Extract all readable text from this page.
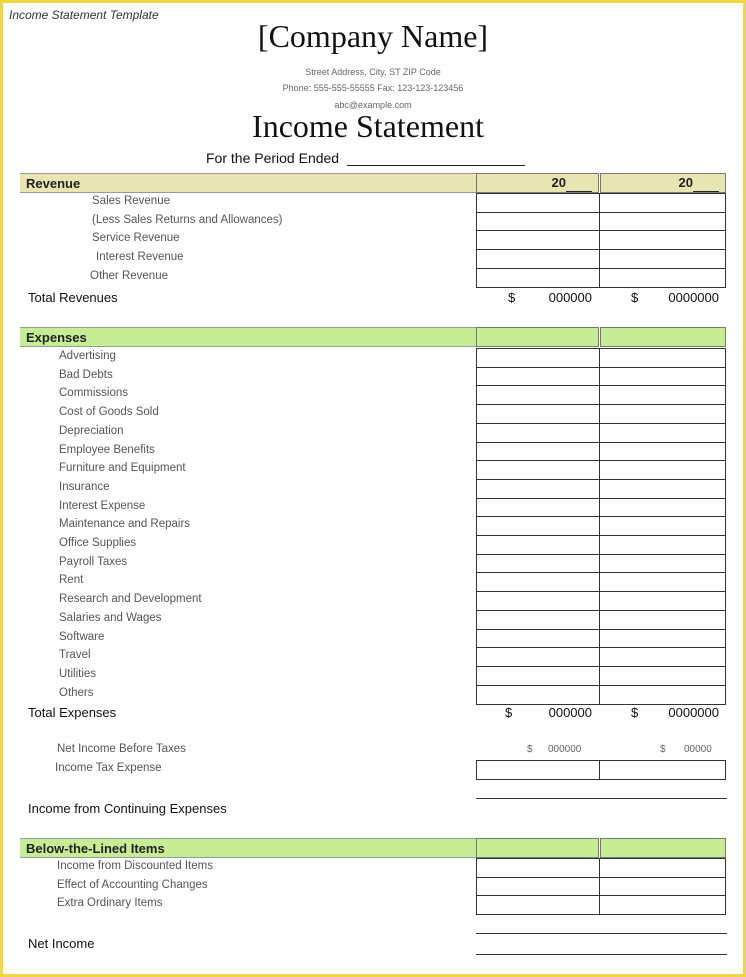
Income Statement Template
[Company Name]
Street Address, City, ST ZIP Code
Phone: 555-555-55555 Fax: 123-123-123456
abc@example.com
Income Statement
For the Period Ended
Revenue	20	20
Sales Revenue
(Less Sales Returns and Allowances)
Service Revenue
Interest Revenue
Other Revenue
Total Revenues	$	000000	$	0000000
Expenses
Advertising
Bad Debts
Commissions
Cost of Goods Sold
Depreciation
Employee Benefits
Furniture and Equipment
Insurance
Interest Expense
Maintenance and Repairs
Office Supplies
Payroll Taxes
Rent
Research and Development
Salaries and Wages
Software
Travel
Utilities
Others
Total Expenses	$	000000	$	0000000
Net Income Before Taxes	$ 000000	$ 00000
Income Tax Expense
Income from Continuing Expenses
Below-the-Lined Items
Income from Discounted Items
Effect of Accounting Changes
Extra Ordinary Items
Net Income
